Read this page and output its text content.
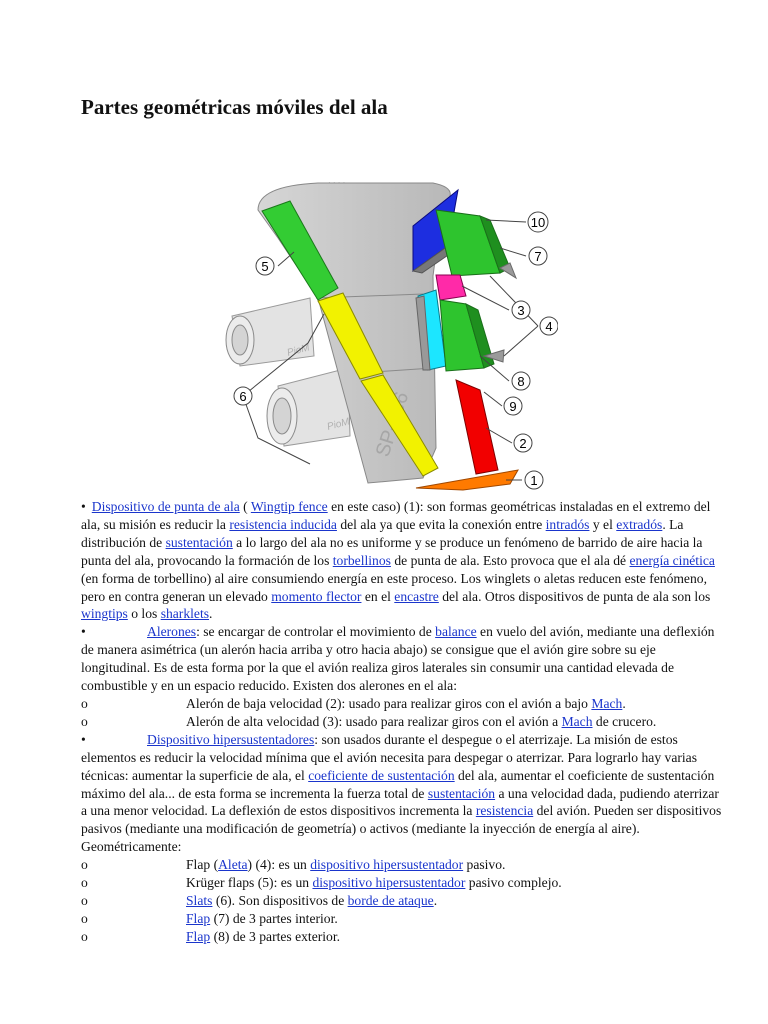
Partes geométricas móviles del ala
· · · ·
PioM
PioM
5
10
7
3
4
8
9
6
2
1

• Dispositivo de punta de ala ( Wingtip fence en este caso) (1): son formas geométricas instaladas en el extremo del ala, su misión es reducir la resistencia inducida del ala ya que evita la conexión entre intradós y el extradós. La distribución de sustentación a lo largo del ala no es uniforme y se produce un fenómeno de barrido de aire hacia la punta del ala, provocando la formación de los torbellinos de punta de ala. Esto provoca que el ala dé energía cinética (en forma de torbellino) al aire consumiendo energía en este proceso. Los winglets o aletas reducen este fenómeno, pero en contra generan un elevado momento flector en el encastre del ala. Otros dispositivos de punta de ala son los wingtips o los sharklets.

•	Alerones: se encargar de controlar el movimiento de balance en vuelo del avión, mediante una deflexión de manera asimétrica (un alerón hacia arriba y otro hacia abajo) se consigue que el avión gire sobre su eje longitudinal. Es de esta forma por la que el avión realiza giros laterales sin consumir una cantidad elevada de combustible y en un espacio reducido. Existen dos alerones en el ala:

o	Alerón de baja velocidad (2): usado para realizar giros con el avión a bajo Mach.

o	Alerón de alta velocidad (3): usado para realizar giros con el avión a Mach de crucero.

•	Dispositivo hipersustentadores: son usados durante el despegue o el aterrizaje. La misión de estos elementos es reducir la velocidad mínima que el avión necesita para despegar o aterrizar. Para lograrlo hay varias técnicas: aumentar la superficie de ala, el coeficiente de sustentación del ala, aumentar el coeficiente de sustentación máximo del ala... de esta forma se incrementa la fuerza total de sustentación a una velocidad dada, pudiendo aterrizar a una menor velocidad. La deflexión de estos dispositivos incrementa la resistencia del avión. Pueden ser dispositivos pasivos (mediante una modificación de geometría) o activos (mediante la inyección de energía al aire). Geométricamente:

o	Flap (Aleta) (4): es un dispositivo hipersustentador pasivo.

o	Krüger flaps (5): es un dispositivo hipersustentador pasivo complejo.

o	Slats (6). Son dispositivos de borde de ataque.

o	Flap (7) de 3 partes interior.

o	Flap (8) de 3 partes exterior.
